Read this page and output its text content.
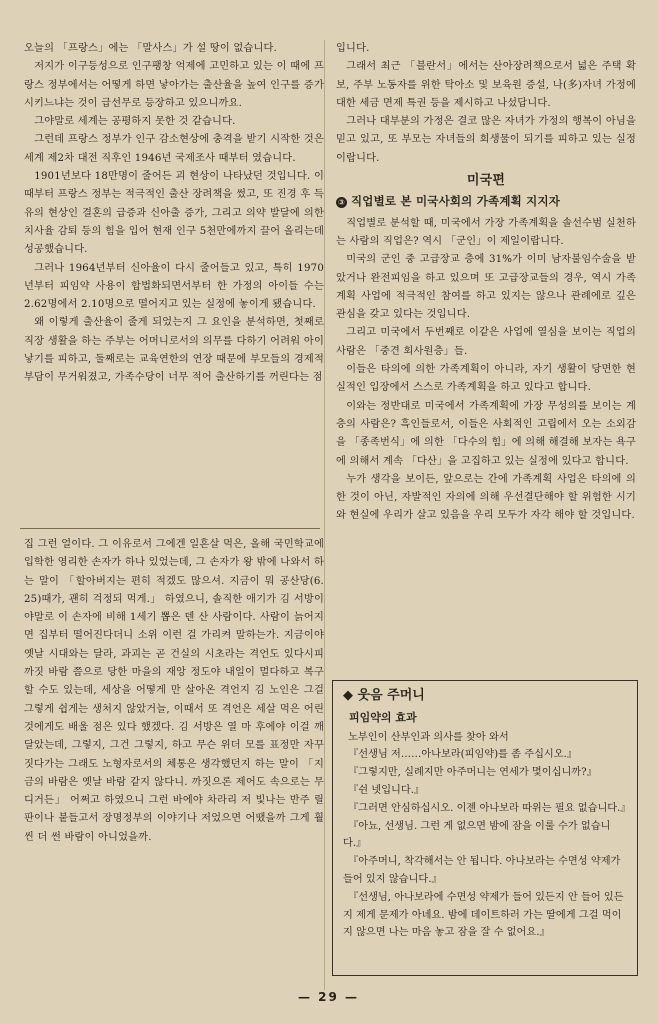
오늘의 「프랑스」에는 「말사스」가 설 땅이 없습니다.

저지가 이구등성으로 인구팽창 억제에 고민하고 있는 이 때에 프랑스 정부에서는 어떻게 하면 낳아가는 출산율을 높여 인구를 증가시키느냐는 것이 급선무로 등장하고 있으니까요.

그야말로 세계는 공평하지 못한 것 같습니다.

그런데 프랑스 정부가 인구 감소현상에 충격을 받기 시작한 것은 세계 제2차 대전 직후인 1946년 국제조사 때부터 였습니다.

1901년보다 18만명이 줄어든 괴 현상이 나타났던 것입니다. 이 때부터 프랑스 정부는 적극적인 출산 장려책을 썼고, 또 진경 후 득유의 현상인 결혼의 급증과 신아출 증가, 그리고 의약 발달에 의한 치사율 감퇴 등의 힘을 입어 현재 인구 5천만에까지 끌어 올리는데 성공했습니다.

그러나 1964년부터 신아율이 다시 줄어들고 있고, 특히 1970년부터 피임약 사용이 합법화되면서부터 한 가정의 아이들 수는 2.62명에서 2.10명으로 떨어지고 있는 실정에 놓이게 됐습니다.

왜 이렇게 출산율이 줄게 되었는지 그 요인을 분석하면, 첫째로 직장 생활을 하는 주부는 어머니로서의 의무를 다하기 어려워 아이 낳기를 피하고, 둘째로는 교육연한의 연장 때문에 부모들의 경제적 부담이 무거워졌고, 가족수당이 너무 적어 출산하기를 꺼린다는 점

집 그런 얼이다. 그 이유로서 그에겐 일흔살 먹은, 올해 국민학교에 입학한 영리한 손자가 하나 있었는데, 그 손자가 왕 밖에 나와서 하는 말이 「할아버지는 편히 적겠도 많으셔. 지금이 뭐 공산당(6. 25)때가, 괜히 걱정되 먹게.」 하였으니, 솔직한 애기가 김 서방이야말로 이 손자에 비해 1세기 뽑은 덴 산 사람이다. 사람이 늙어지면 집부터 떨어진다더니 소위 이런 걸 가리켜 말하는가. 지금이야 옛날 시대와는 달라, 과괴는 곧 건실의 시초라는 격언도 있다시피 까짓 바람 쯤으로 당한 마을의 재앙 정도야 내일이 멀다하고 복구할 수도 있는데, 세상을 어떻게 만 살아온 격언지 김 노인은 그걸 그렇게 쉽게는 생처지 않았거늘, 이때서 또 격언은 세살 먹은 어린 것에게도 배울 점은 있다 했겠다. 김 서방은 열 마 후에야 이걸 깨달았는데, 그렇지, 그건 그렇지, 하고 무슨 위더 모를 표정만 자꾸 짓다가는 그래도 노형자로서의 체통은 생각했던지 하는 말이 「지금의 바람은 옛날 바람 같지 않다니. 까짓으론 제어도 속으로는 무디거든」 어쩌고 하였으니 그런 바에야 차라리 저 빛나는 반주 릴판이나 붙들고서 장명정부의 이야기나 저었으면 어땠을까 그게 훨씬 더 썬 바람이 아니었을까.

입니다.

그래서 최근 「블란서」에서는 산아장려책으로서 넓은 주택 확보, 주부 노동자를 위한 탁아소 및 보육원 증설, 나(多)자녀 가정에 대한 세금 면제 특권 등을 제시하고 나섰답니다.

그러나 대부분의 가정은 결코 많은 자녀가 가정의 행복이 아님을 믿고 있고, 또 부모는 자녀들의 희생물이 되기를 피하고 있는 실정 이랍니다.

미국편
③ 직업별로 본 미국사회의 가족계획 지지자

직업별로 분석할 때, 미국에서 가장 가족계획을 솔선수범 실천하는 사람의 직업은? 역시 「군인」이 제일이랍니다.

미국의 군인 중 고급장교 층에 31%가 이미 남자불임수술을 받았거나 완전피임을 하고 있으며 또 고급장교들의 경우, 역시 가족계획 사업에 적극적인 참여를 하고 있지는 않으나 관례에로 깊은 관심을 갖고 있다는 것입니다.

그리고 미국에서 두번째로 이같은 사업에 열심을 보이는 직업의 사람은 「중견 회사원층」들.

이들은 타의에 의한 가족계획이 아니라, 자기 생활이 당면한 현실적인 입장에서 스스로 가족계획을 하고 있다고 합니다.

이와는 정반대로 미국에서 가족계획에 가장 무성의를 보이는 계층의 사람은? 흑인들로서, 이들은 사회적인 고립에서 오는 소외감을 「종족번식」에 의한 「다수의 힘」에 의해 해결해 보자는 욕구에 의해서 계속 「다산」을 고집하고 있는 실정에 있다고 합니다.

누가 생각을 보이든, 앞으로는 간에 가족계획 사업은 타의에 의한 것이 아닌, 자발적인 자의에 의해 우선결단해야 할 위험한 시기와 현실에 우리가 살고 있음을 우리 모두가 자각 해야 할 것입니다.

◆ 웃음 주머니
피임약의 효과

노부인이 산부인과 의사를 찾아 와서

『선생님 저……아나보라(피임약)를 좀 주십시오.』

『그렇지만, 실례지만 아주머니는 연세가 몇이십니까?』

『쉰 넷입니다.』

『그러면 안심하십시오. 이젠 아나보라 따위는 필요 없습니다.』

『아뇨, 선생님. 그런 게 없으면 밤에 잠을 이룰 수가 없습니다.』

『아주머니, 착각해서는 안 됩니다. 아나보라는 수면성 약제가 들어 있지 않습니다.』

『선생님, 아나보라에 수면성 약제가 들어 있든지 안 들어 있든지 제게 문제가 아녜요. 밤에 데이트하러 가는 딸에게 그걸 먹이지 않으면 나는 마음 놓고 잠을 잘 수 없어요.』

— 29 —
